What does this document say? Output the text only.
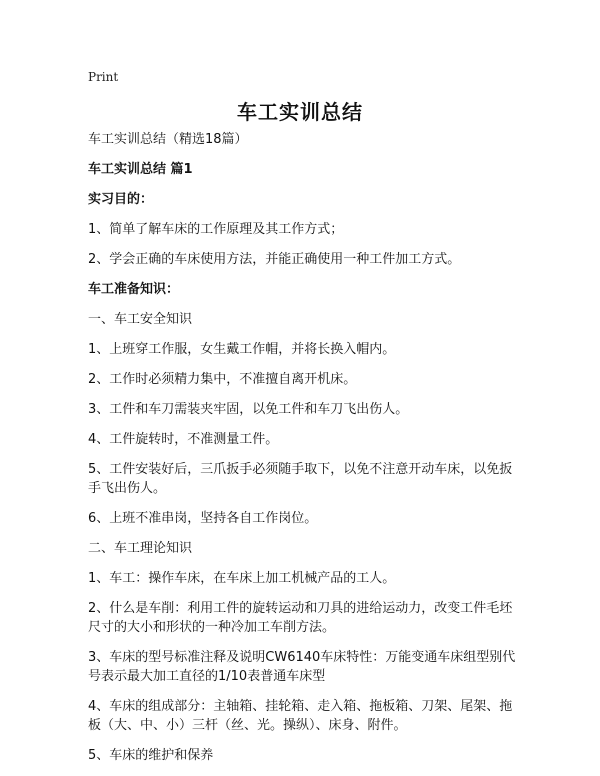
Print
车工实训总结

车工实训总结（精选18篇）

车工实训总结 篇1

实习目的：

1、简单了解车床的工作原理及其工作方式；

2、学会正确的车床使用方法，并能正确使用一种工件加工方式。

车工准备知识：

一、车工安全知识

1、上班穿工作服，女生戴工作帽，并将长换入帽内。

2、工作时必须精力集中，不准擅自离开机床。

3、工件和车刀需装夹牢固，以免工件和车刀飞出伤人。

4、工件旋转时，不准测量工件。

5、工件安装好后，三爪扳手必须随手取下，以免不注意开动车床，以免扳手飞出伤人。

6、上班不准串岗，坚持各自工作岗位。

二、车工理论知识

1、车工：操作车床，在车床上加工机械产品的工人。

2、什么是车削：利用工件的旋转运动和刀具的进给运动力，改变工件毛坯尺寸的大小和形状的一种冷加工车削方法。

3、车床的型号标准注释及说明CW6140车床特性：万能变通车床组型别代号表示最大加工直径的1/10表普通车床型

4、车床的组成部分：主轴箱、挂轮箱、走入箱、拖板箱、刀架、尾架、拖板（大、中、小）三杆（丝、光。操纵）、床身、附件。

5、车床的维护和保养
